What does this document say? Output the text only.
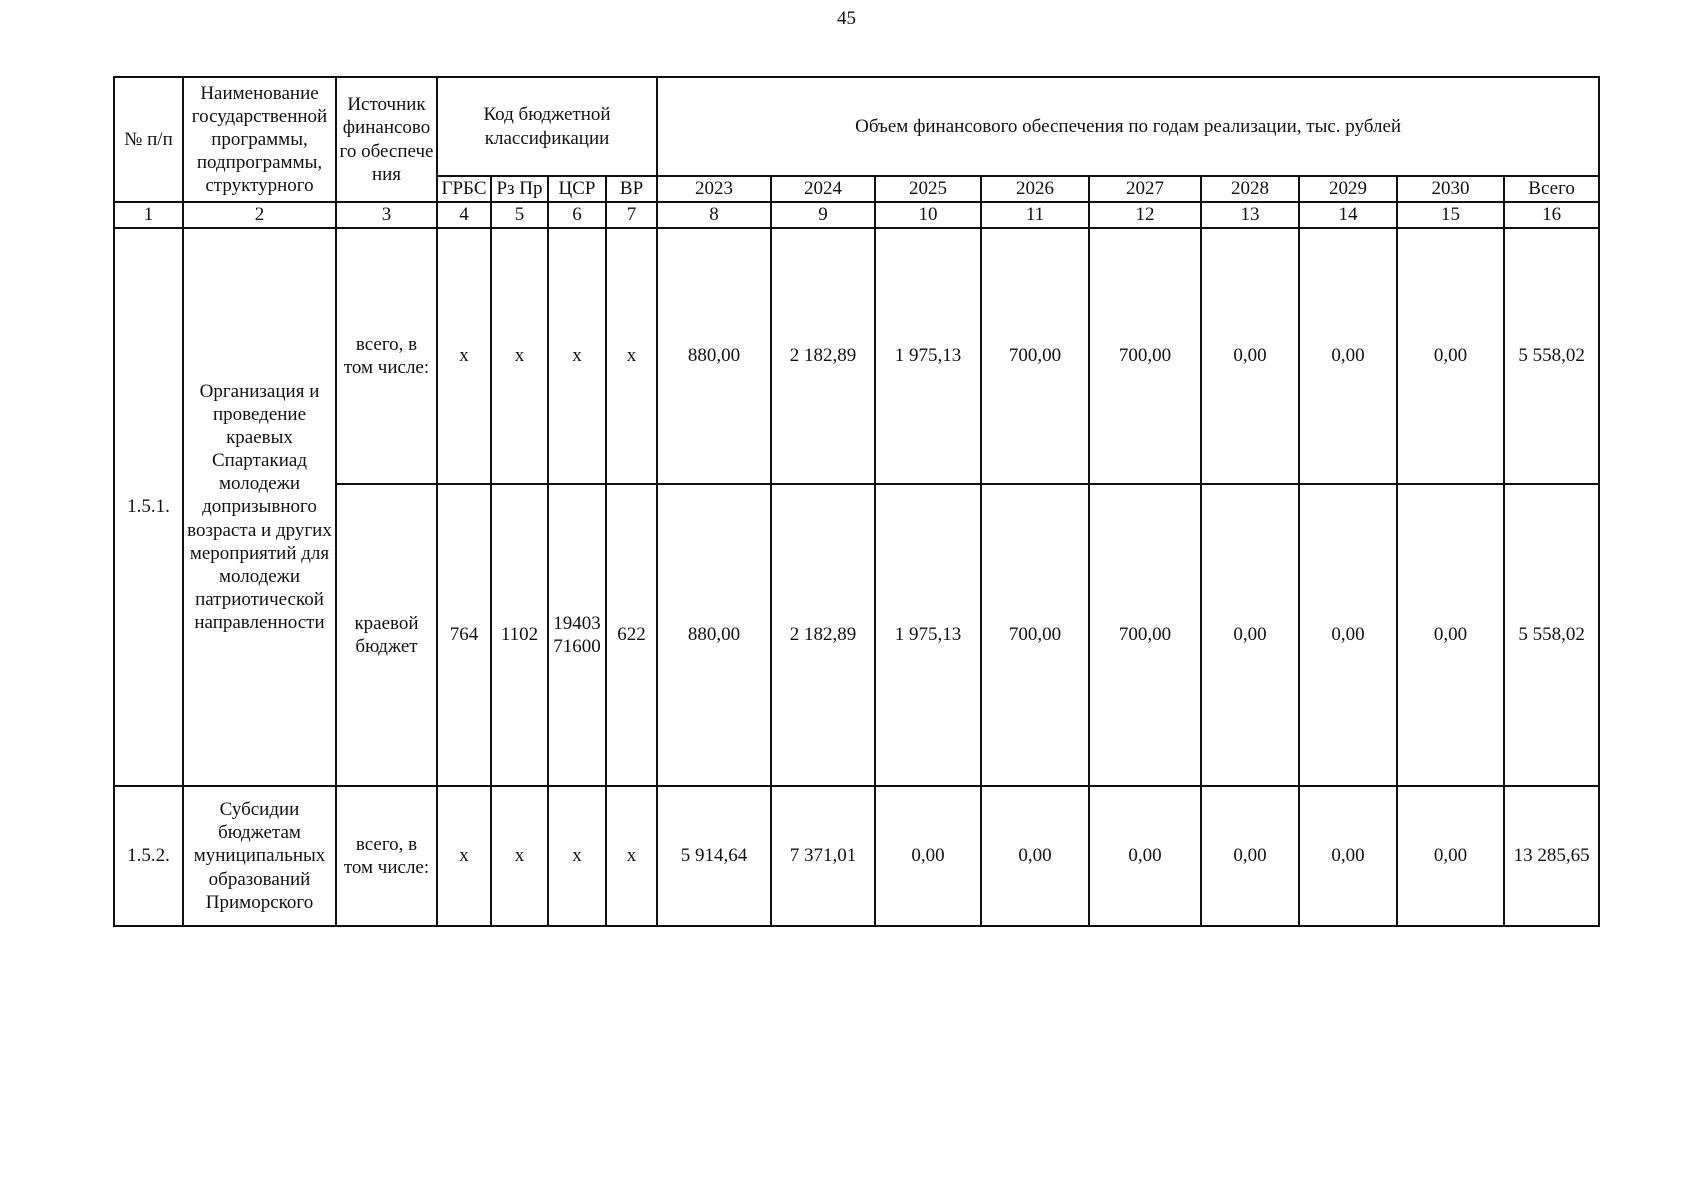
45
№ п/п	Наименование государственной программы, подпрограммы, структурного	Источник финансового обеспечения	Код бюджетной классификации				Объем финансового обеспечения по годам реализации, тыс. рублей								
			ГРБС	Рз Пр	ЦСР	ВР	2023	2024	2025	2026	2027	2028	2029	2030	Всего
1	2	3	4	5	6	7	8	9	10	11	12	13	14	15	16
1.5.1.	Организация и проведение краевых Спартакиад молодежи допризывного возраста и других мероприятий для молодежи патриотической направленности	всего, в том числе:	х	х	х	х	880,00	2 182,89	1 975,13	700,00	700,00	0,00	0,00	0,00	5 558,02
		краевой бюджет	764	1102	1940371600	622	880,00	2 182,89	1 975,13	700,00	700,00	0,00	0,00	0,00	5 558,02
1.5.2.	Субсидии бюджетам муниципальных образований Приморского	всего, в том числе:	х	х	х	х	5 914,64	7 371,01	0,00	0,00	0,00	0,00	0,00	0,00	13 285,65
